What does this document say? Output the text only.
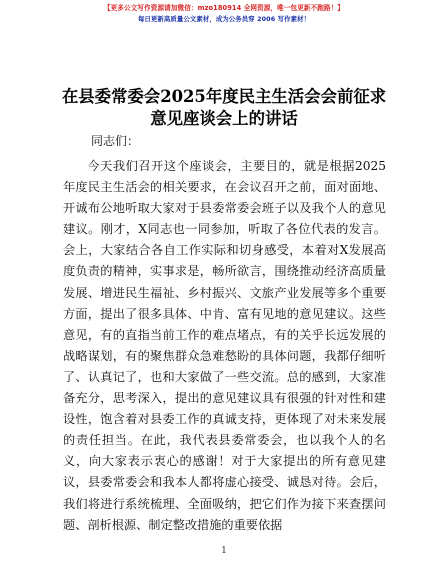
【更多公文写作资源请加微信：mzo180914 全网资源，唯一包更新不跑路！】
每日更新高质量公文素材，成为公务员穿 2006 写作素材！
在县委常委会2025年度民主生活会会前征求意见座谈会上的讲话
同志们：

今天我们召开这个座谈会，主要目的，就是根据2025年度民主生活会的相关要求，在会议召开之前，面对面地、开诚布公地听取大家对于县委常委会班子以及我个人的意见建议。刚才，X同志也一同参加，听取了各位代表的发言。会上，大家结合各自工作实际和切身感受，本着对X发展高度负责的精神，实事求是，畅所欲言，围绕推动经济高质量发展、增进民生福祉、乡村振兴、文旅产业发展等多个重要方面，提出了很多具体、中肯、富有见地的意见建议。这些意见，有的直指当前工作的难点堵点，有的关乎长远发展的战略谋划，有的聚焦群众急难愁盼的具体问题，我都仔细听了、认真记了，也和大家做了一些交流。总的感到，大家准备充分，思考深入，提出的意见建议具有很强的针对性和建设性，饱含着对县委工作的真诚支持，更体现了对未来发展的责任担当。在此，我代表县委常委会，也以我个人的名义，向大家表示衷心的感谢！对于大家提出的所有意见建议，县委常委会和我本人都将虚心接受、诚恳对待。会后，我们将进行系统梳理、全面吸纳，把它们作为接下来查摆问题、剖析根源、制定整改措施的重要依据

1
